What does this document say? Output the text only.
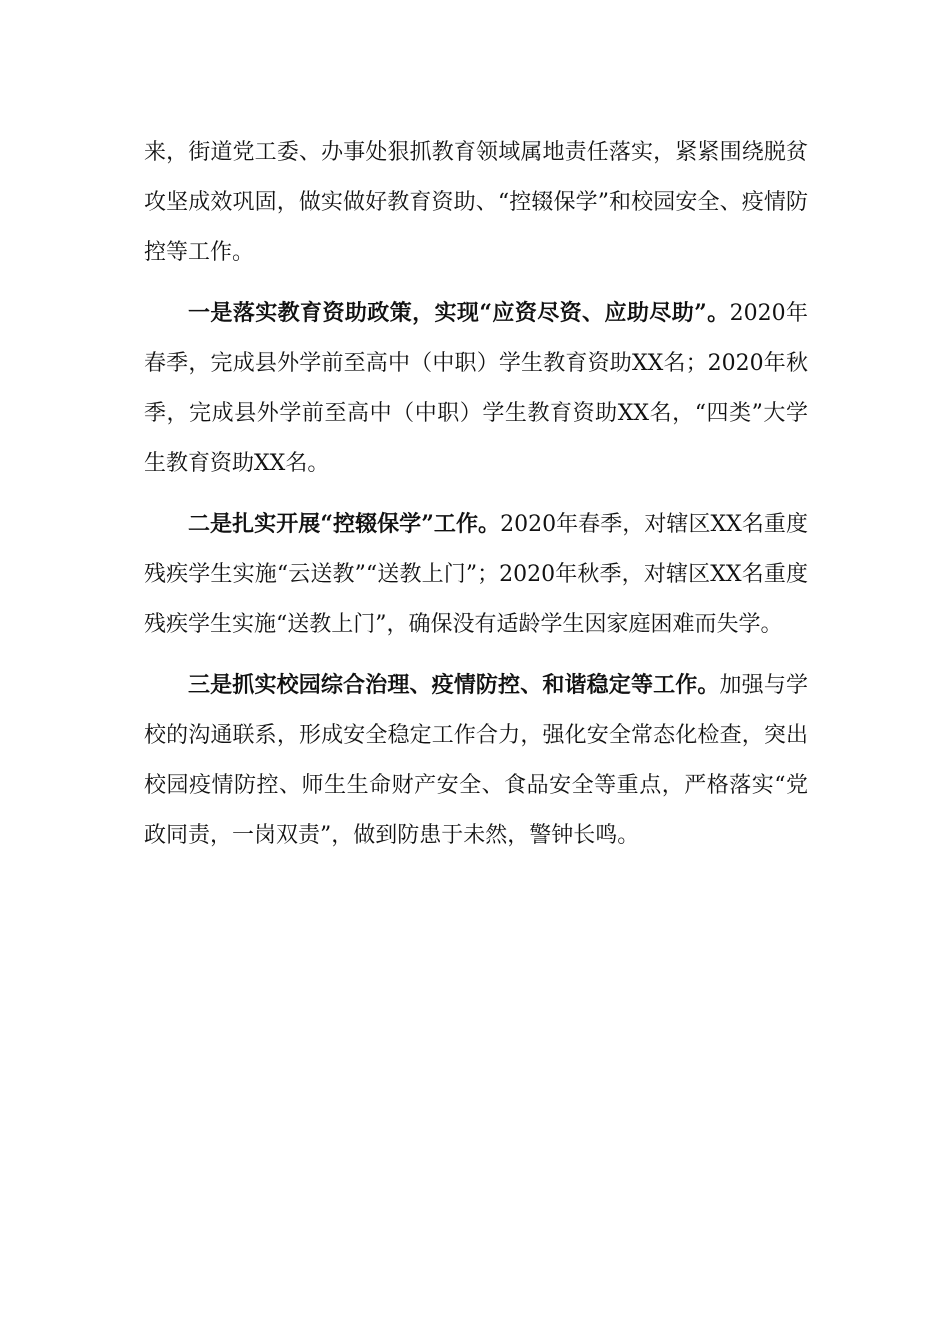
来，街道党工委、办事处狠抓教育领域属地责任落实，紧紧围绕脱贫攻坚成效巩固，做实做好教育资助、“控辍保学”和校园安全、疫情防控等工作。

一是落实教育资助政策，实现“应资尽资、应助尽助”。2020年春季，完成县外学前至高中（中职）学生教育资助XX名；2020年秋季，完成县外学前至高中（中职）学生教育资助XX名，“四类”大学生教育资助XX名。

二是扎实开展“控辍保学”工作。2020年春季，对辖区XX名重度残疾学生实施“云送教”“送教上门”；2020年秋季，对辖区XX名重度残疾学生实施“送教上门”，确保没有适龄学生因家庭困难而失学。

三是抓实校园综合治理、疫情防控、和谐稳定等工作。加强与学校的沟通联系，形成安全稳定工作合力，强化安全常态化检查，突出校园疫情防控、师生生命财产安全、食品安全等重点，严格落实“党政同责，一岗双责”，做到防患于未然，警钟长鸣。
